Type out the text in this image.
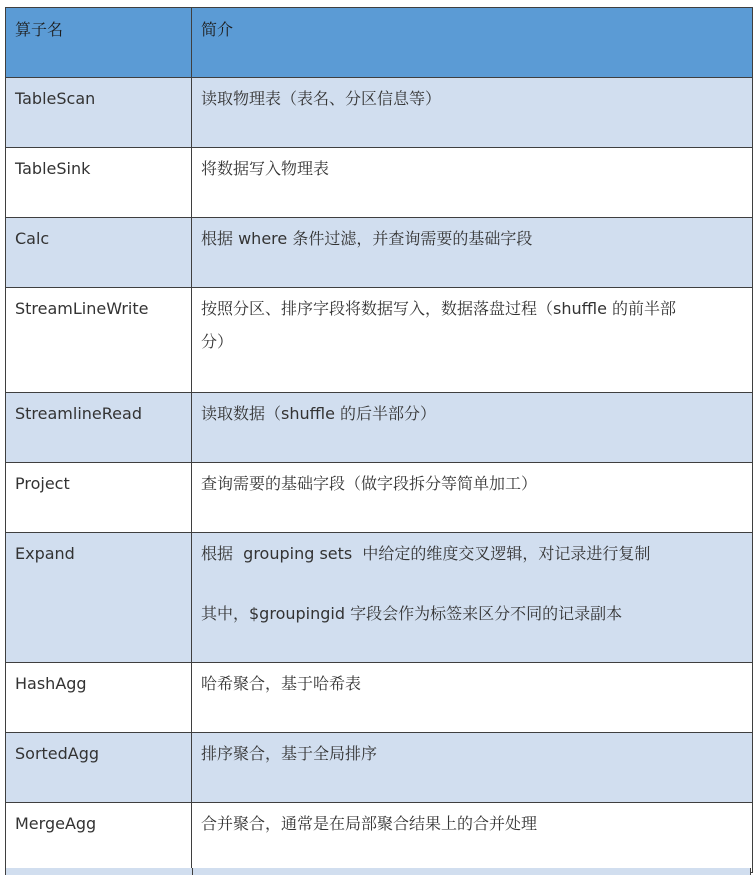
算子名	简介
TableScan	读取物理表（表名、分区信息等）
TableSink	将数据写入物理表
Calc	根据 where 条件过滤，并查询需要的基础字段
StreamLineWrite	按照分区、排序字段将数据写入，数据落盘过程（shuffle 的前半部
分）
StreamlineRead	读取数据（shuffle 的后半部分）
Project	查询需要的基础字段（做字段拆分等简单加工）
Expand	根据  grouping sets  中给定的维度交叉逻辑，对记录进行复制
其中，$groupingid 字段会作为标签来区分不同的记录副本
HashAgg	哈希聚合，基于哈希表
SortedAgg	排序聚合，基于全局排序
MergeAgg	合并聚合，通常是在局部聚合结果上的合并处理
